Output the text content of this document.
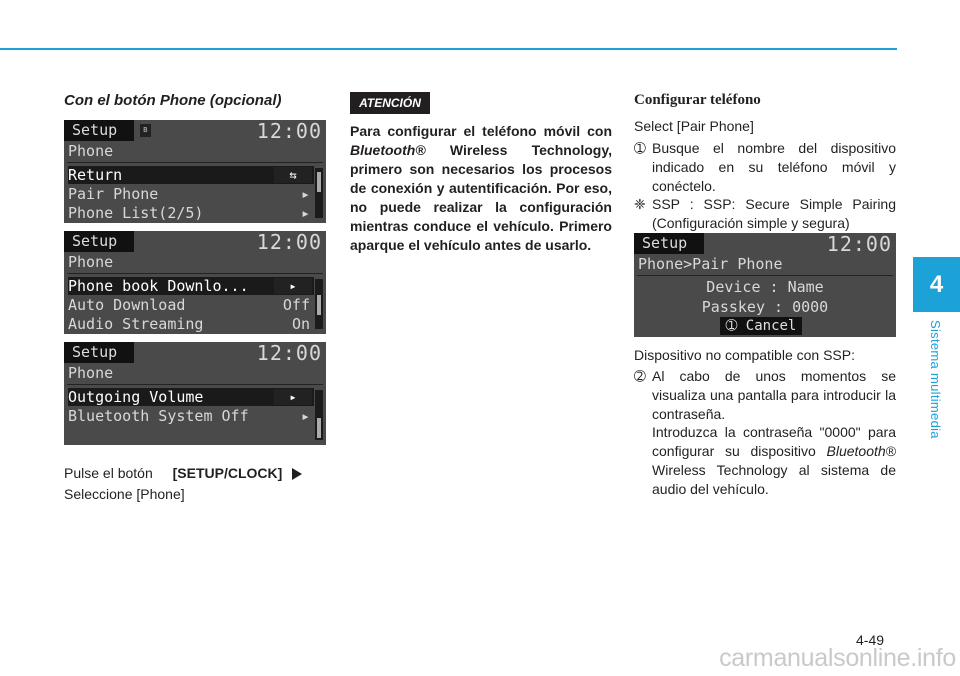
4
Sistema multimedia
Con el botón Phone (opcional)
Setup	ʙ	12:00
Phone
Return	⇆
Pair Phone	▸
Phone List(2/5)	▸
Setup	12:00
Phone
Phone book Downlo...	▸
Auto Download	Off
Audio Streaming	On
Setup	12:00
Phone
Outgoing Volume	▸
Bluetooth System Off	▸
Pulse el botón [SETUP/CLOCK]
Seleccione [Phone]
ATENCIÓN
Para configurar el teléfono móvil con Bluetooth® Wireless Technology, primero son necesarios los procesos de conexión y autentificación. Por eso, no puede realizar la configuración mientras conduce el vehículo. Primero aparque el vehículo antes de usarlo.
Configurar teléfono
Select [Pair Phone]
➀ Busque el nombre del dispositivo indicado en su teléfono móvil y conéctelo.
❈ SSP : SSP: Secure Simple Pairing (Configuración simple y segura)
Setup	12:00
Phone>Pair Phone
Device : Name
Passkey : 0000
➀ Cancel
Dispositivo no compatible con SSP:
➁ Al cabo de unos momentos se visualiza una pantalla para introducir la contraseña.
Introduzca la contraseña "0000" para configurar su dispositivo Bluetooth® Wireless Technology al sistema de audio del vehículo.
4-49
carmanualsonline.info
